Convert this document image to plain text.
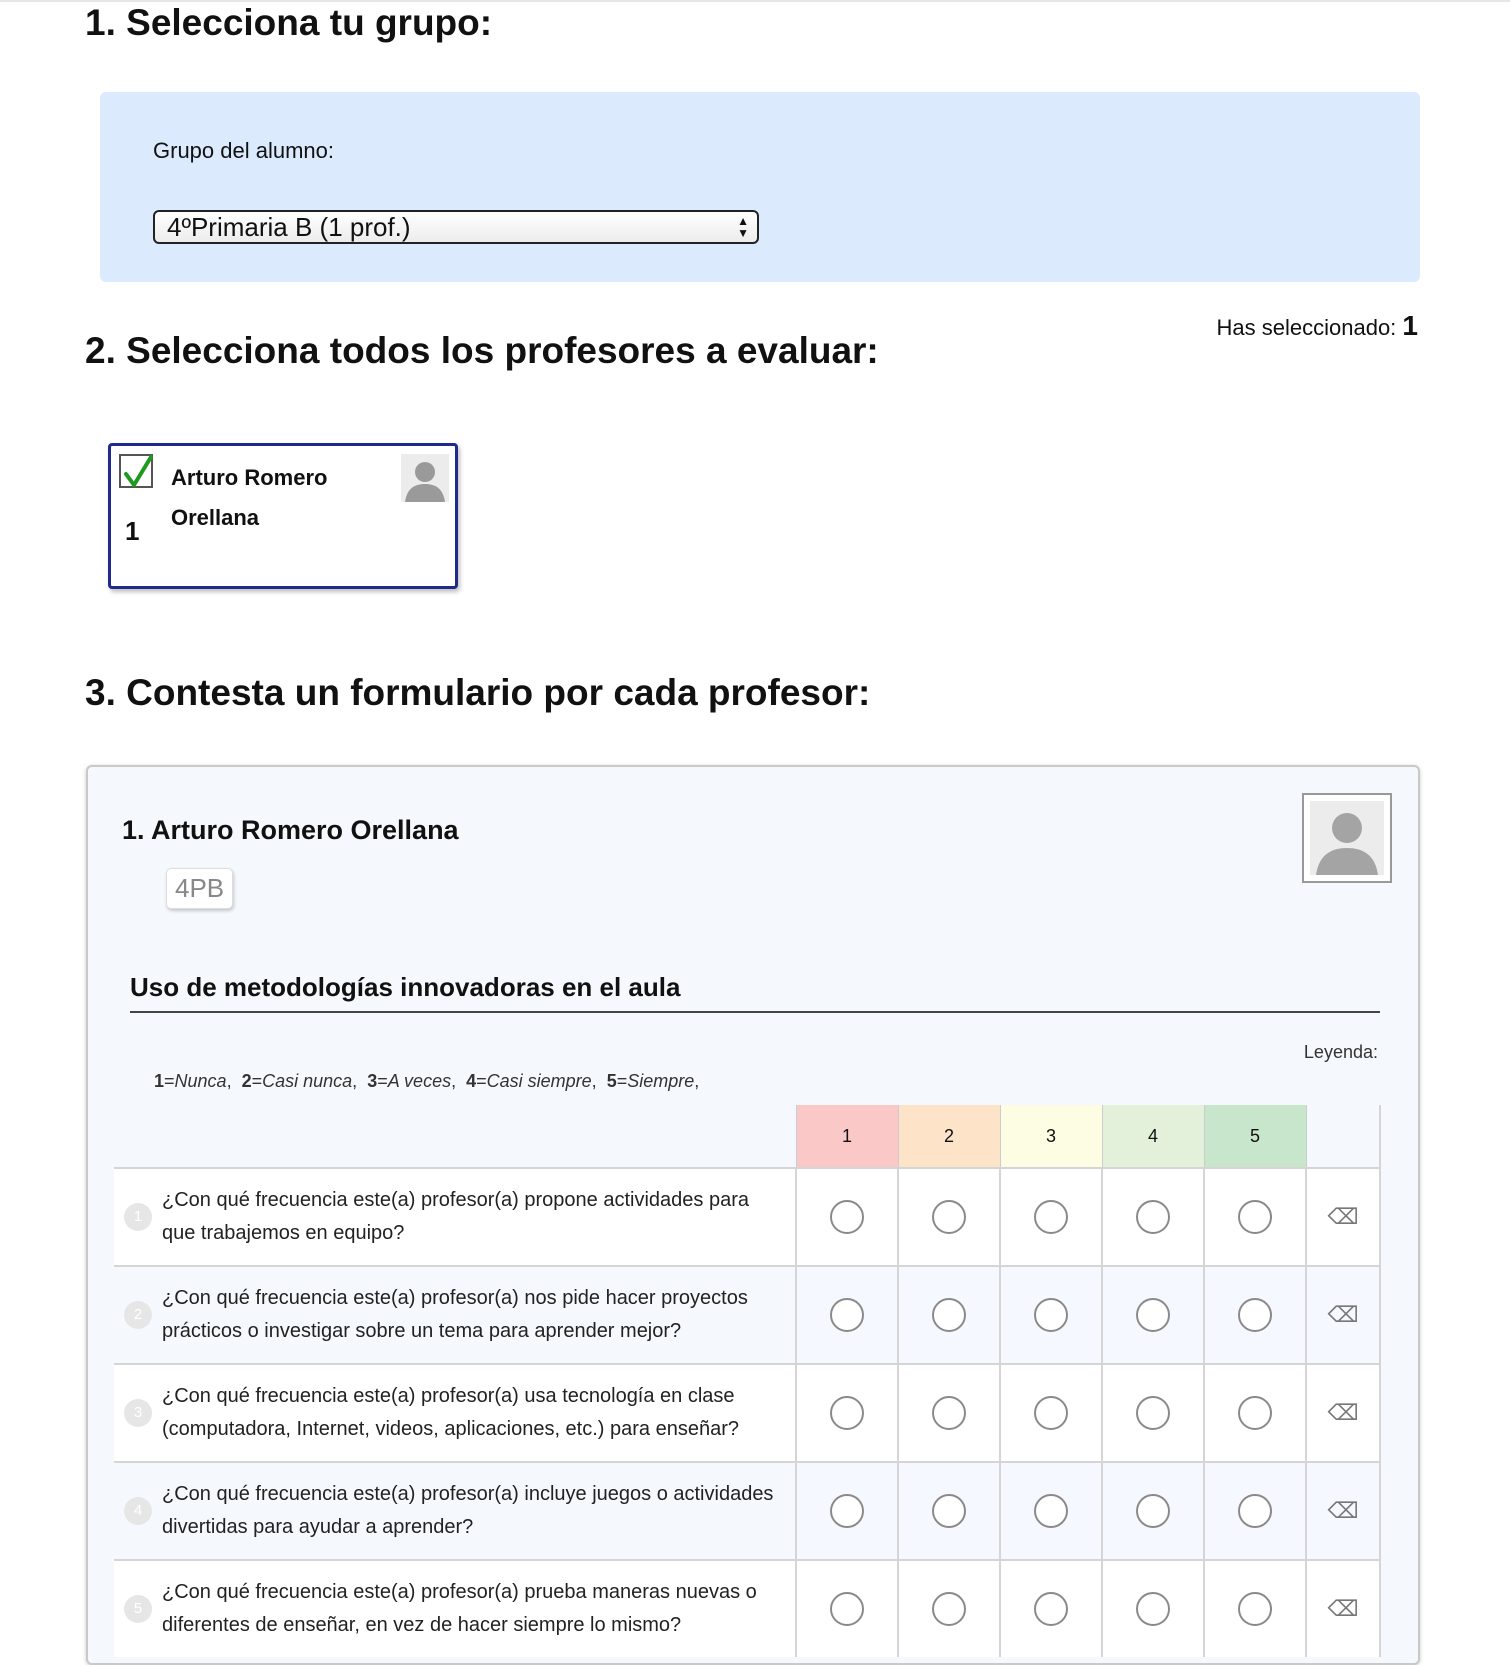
1. Selecciona tu grupo:
Grupo del alumno:
4ºPrimaria B (1 prof.)	▲
▼
Has seleccionado: 1
2. Selecciona todos los profesores a evaluar:
1
Arturo Romero Orellana
3. Contesta un formulario por cada profesor:
1. Arturo Romero Orellana
4PB
Uso de metodologías innovadoras en el aula
Leyenda:
1=Nunca,  2=Casi nunca,  3=A veces,  4=Casi siempre,  5=Siempre,
	1	2	3	4	5	

1
¿Con qué frecuencia este(a) profesor(a) propone actividades para que trabajemos en equipo?						⌫

2
¿Con qué frecuencia este(a) profesor(a) nos pide hacer proyectos prácticos o investigar sobre un tema para aprender mejor?						⌫

3
¿Con qué frecuencia este(a) profesor(a) usa tecnología en clase (computadora, Internet, videos, aplicaciones, etc.) para enseñar?						⌫

4
¿Con qué frecuencia este(a) profesor(a) incluye juegos o actividades divertidas para ayudar a aprender?						⌫

5
¿Con qué frecuencia este(a) profesor(a) prueba maneras nuevas o diferentes de enseñar, en vez de hacer siempre lo mismo?						⌫
